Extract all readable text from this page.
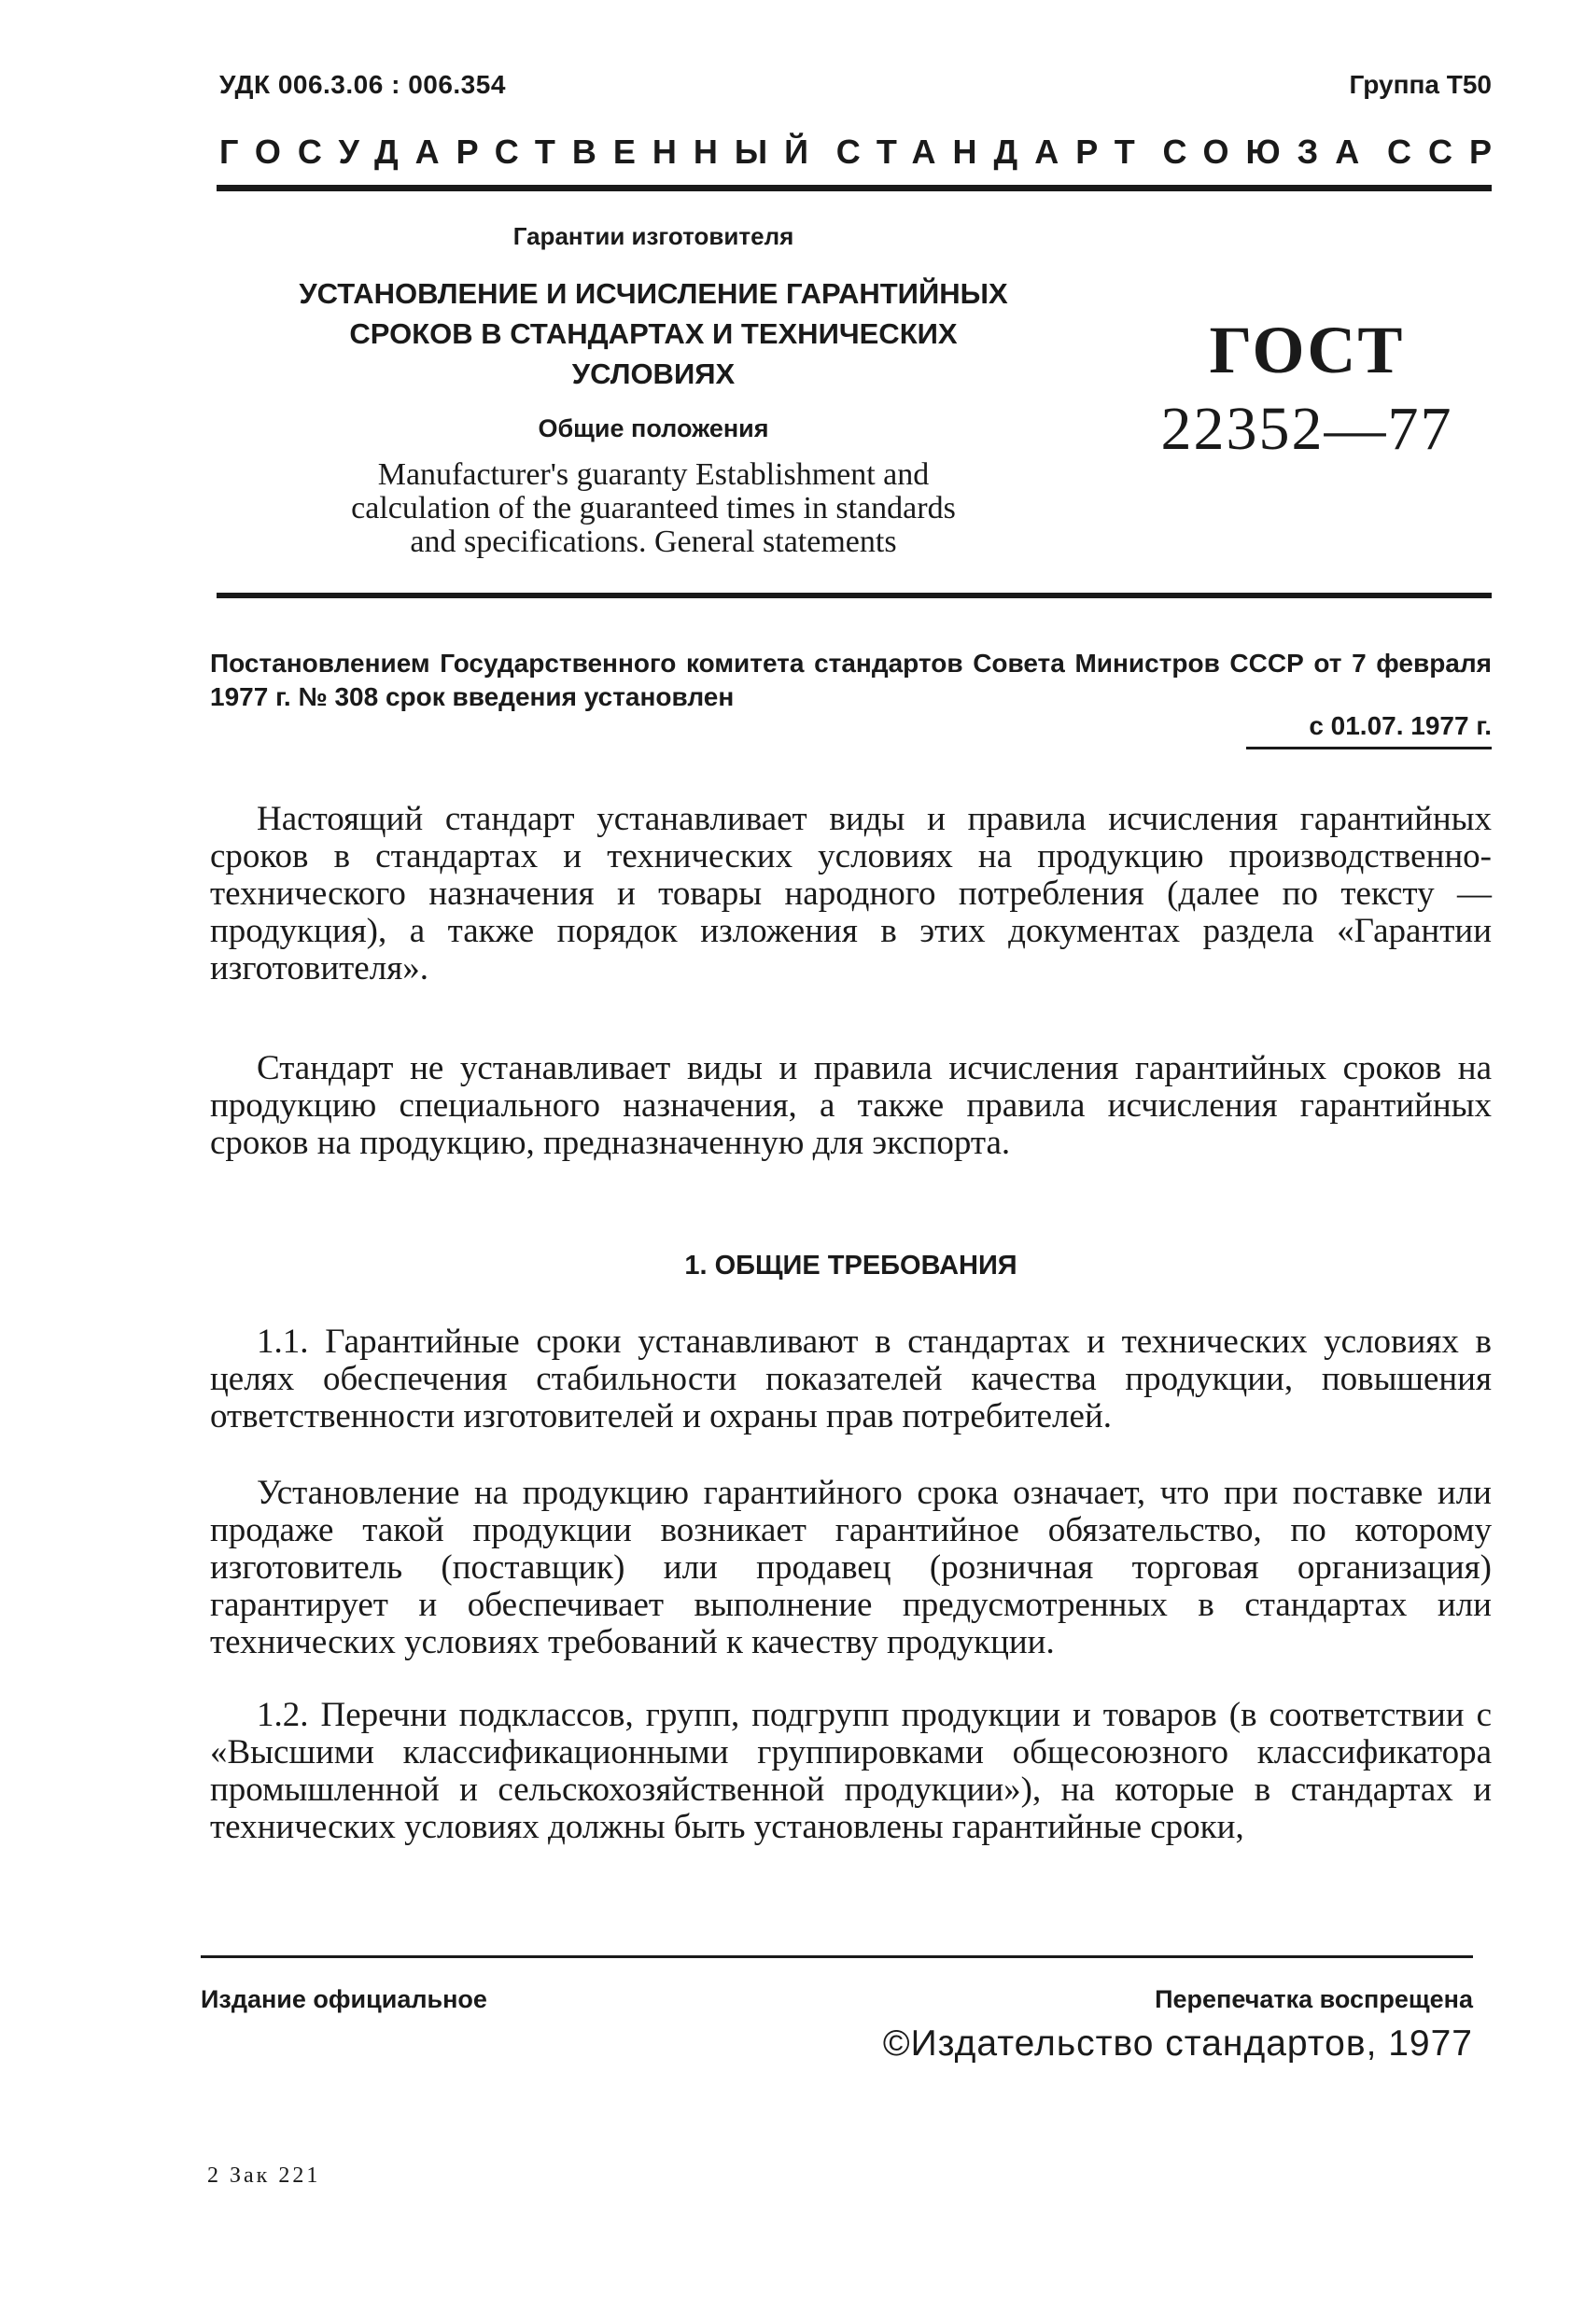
УДК 006.3.06 : 006.354	Группа Т50
ГОСУДАРСТВЕННЫЙ СТАНДАРТ СОЮЗА ССР
Гарантии изготовителя
УСТАНОВЛЕНИЕ И ИСЧИСЛЕНИЕ ГАРАНТИЙНЫХ
СРОКОВ В СТАНДАРТАХ И ТЕХНИЧЕСКИХ
УСЛОВИЯХ
Общие положения
Manufacturer's guaranty Establishment and
calculation of the guaranteed times in standards
and specifications. General statements
ГОСТ
22352—77
Постановлением Государственного комитета стандартов Совета Министров СССР от 7 февраля 1977 г. № 308 срок введения установлен
с 01.07. 1977 г.

Настоящий стандарт устанавливает виды и правила исчисления гарантийных сроков в стандартах и технических условиях на продукцию производственно-технического назначения и товары народного потребления (далее по тексту — продукция), а также порядок изложения в этих документах раздела «Гарантии изготовителя».

Стандарт не устанавливает виды и правила исчисления гарантийных сроков на продукцию специального назначения, а также правила исчисления гарантийных сроков на продукцию, предназначенную для экспорта.

1. ОБЩИЕ ТРЕБОВАНИЯ

1.1. Гарантийные сроки устанавливают в стандартах и технических условиях в целях обеспечения стабильности показателей качества продукции, повышения ответственности изготовителей и охраны прав потребителей.

Установление на продукцию гарантийного срока означает, что при поставке или продаже такой продукции возникает гарантийное обязательство, по которому изготовитель (поставщик) или продавец (розничная торговая организация) гарантирует и обеспечивает выполнение предусмотренных в стандартах или технических условиях требований к качеству продукции.

1.2. Перечни подклассов, групп, подгрупп продукции и товаров (в соответствии с «Высшими классификационными группировками общесоюзного классификатора промышленной и сельскохозяйственной продукции»), на которые в стандартах и технических условиях должны быть установлены гарантийные сроки,

Издание официальное	Перепечатка воспрещена
©Издательство стандартов, 1977
2 Зак 221
